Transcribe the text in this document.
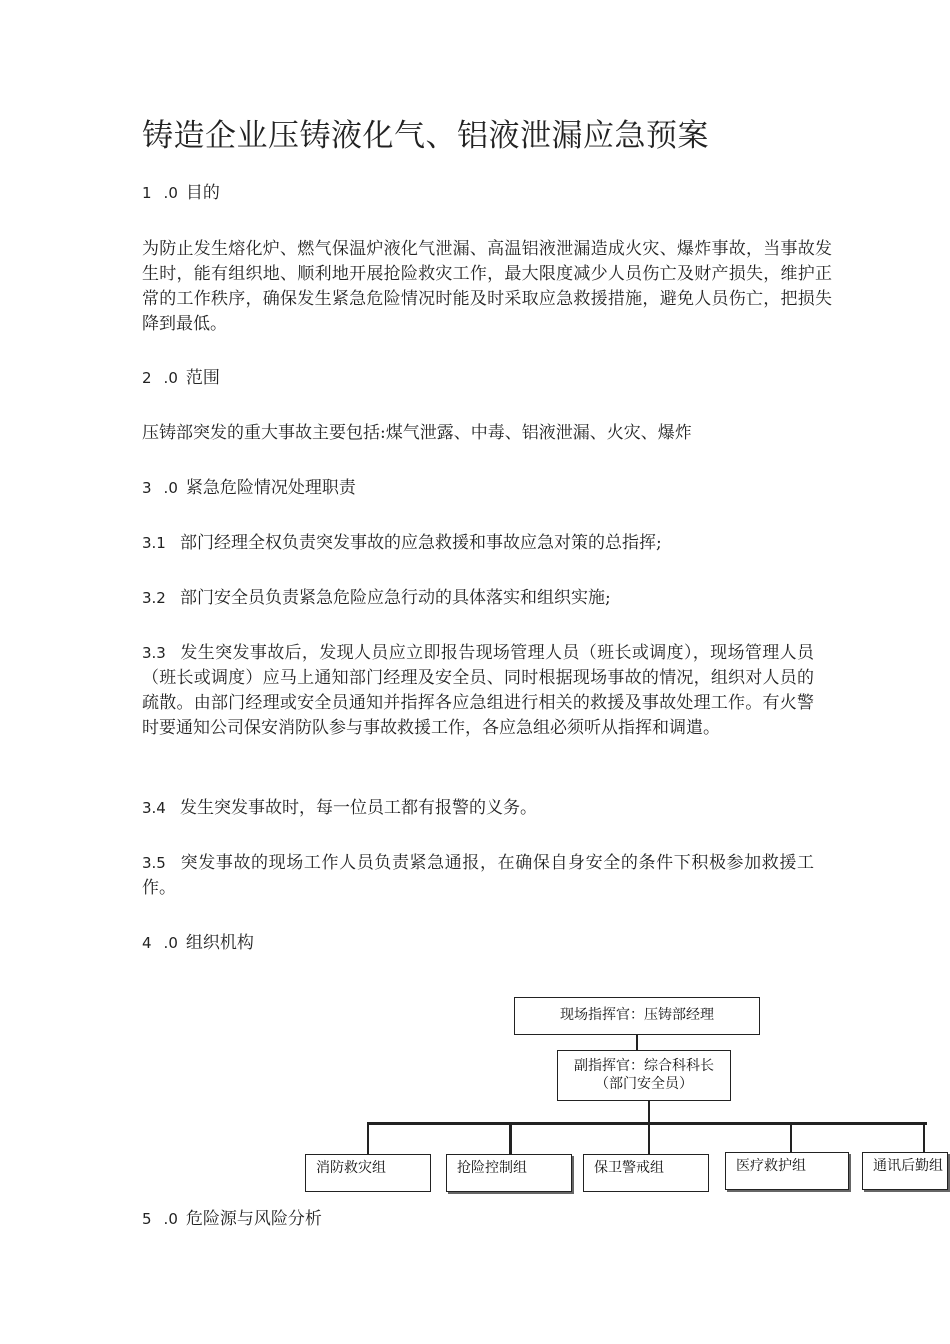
铸造企业压铸液化气、铝液泄漏应急预案

1 .0 目的

为防止发生熔化炉、燃气保温炉液化气泄漏、高温铝液泄漏造成火灾、爆炸事故，当事故发生时，能有组织地、顺利地开展抢险救灾工作，最大限度减少人员伤亡及财产损失，维护正常的工作秩序，确保发生紧急危险情况时能及时采取应急救援措施，避免人员伤亡，把损失降到最低。

2 .0 范围

压铸部突发的重大事故主要包括:煤气泄露、中毒、铝液泄漏、火灾、爆炸

3 .0 紧急危险情况处理职责

3.1 部门经理全权负责突发事故的应急救援和事故应急对策的总指挥;

3.2 部门安全员负责紧急危险应急行动的具体落实和组织实施;

3.3 发生突发事故后，发现人员应立即报告现场管理人员（班长或调度），现场管理人员（班长或调度）应马上通知部门经理及安全员、同时根据现场事故的情况，组织对人员的疏散。由部门经理或安全员通知并指挥各应急组进行相关的救援及事故处理工作。有火警时要通知公司保安消防队参与事故救援工作，各应急组必须听从指挥和调遣。

3.4 发生突发事故时，每一位员工都有报警的义务。

3.5 突发事故的现场工作人员负责紧急通报，在确保自身安全的条件下积极参加救援工作。

4 .0 组织机构

现场指挥官：压铸部经理
副指挥官：综合科科长
（部门安全员）
消防救灾组	抢险控制组	保卫警戒组	医疗救护组	通讯后勤组

5 .0 危险源与风险分析
